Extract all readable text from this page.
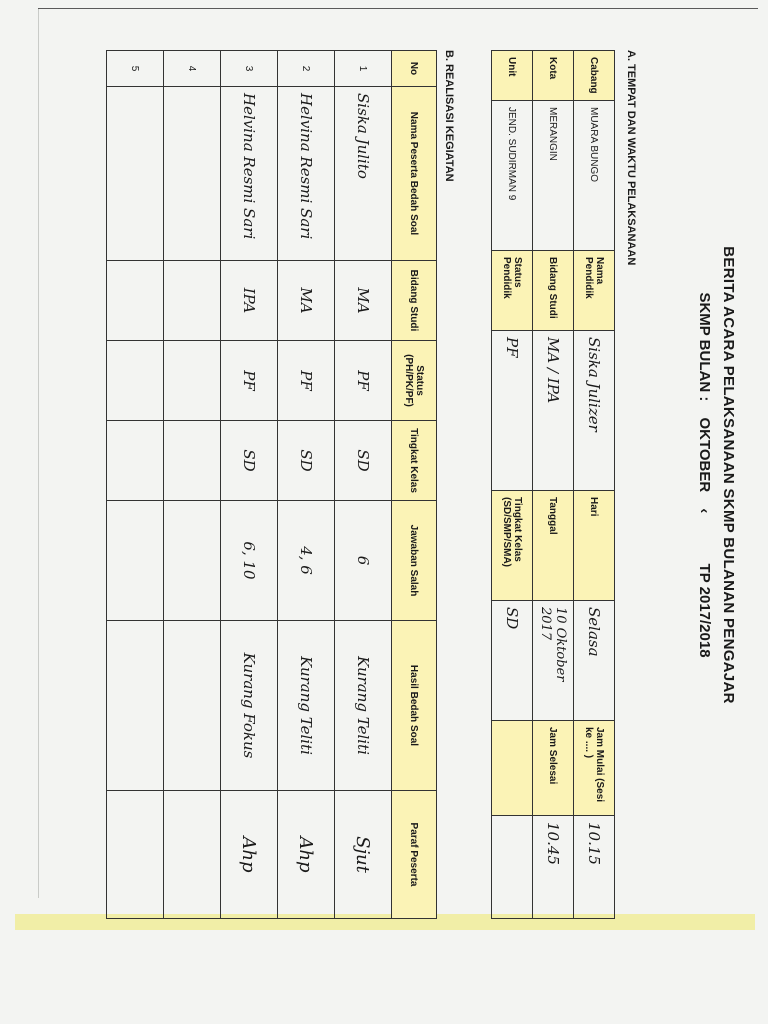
BERITA ACARA PELAKSANAAN SKMP BULANAN PENGAJAR
SKMP BULAN : OKTOBER ‹ TP 2017/2018
A. TEMPAT DAN WAKTU PELAKSANAAN
Cabang	MUARA BUNGO	Nama Pendidik	Siska Julizer	Hari	Selasa	Jam Mulai (Sesi ke .... )	10.15
Kota	MERANGIN	Bidang Studi	MA / IPA	Tanggal	10 Oktober 2017	Jam Selesai	10.45
Unit	JEND. SUDIRMAN 9	Status Pendidik	PF	Tingkat Kelas (SD/SMP/SMA)	SD		
B. REALISASI KEGIATAN
No	Nama Peserta Bedah Soal	Bidang Studi	Status (PH/PK/PF)	Tingkat Kelas	Jawaban Salah	Hasil Bedah Soal	Paraf Peserta
1	Siska Julito	MA	PF	SD	6	Kurang Teliti	Sjut
2	Helvina Resmi Sari	MA	PF	SD	4, 6	Kurang Teliti	Ahp
3	Helvina Resmi Sari	IPA	PF	SD	6, 10	Kurang Fokus	Ahp
4							
5							
